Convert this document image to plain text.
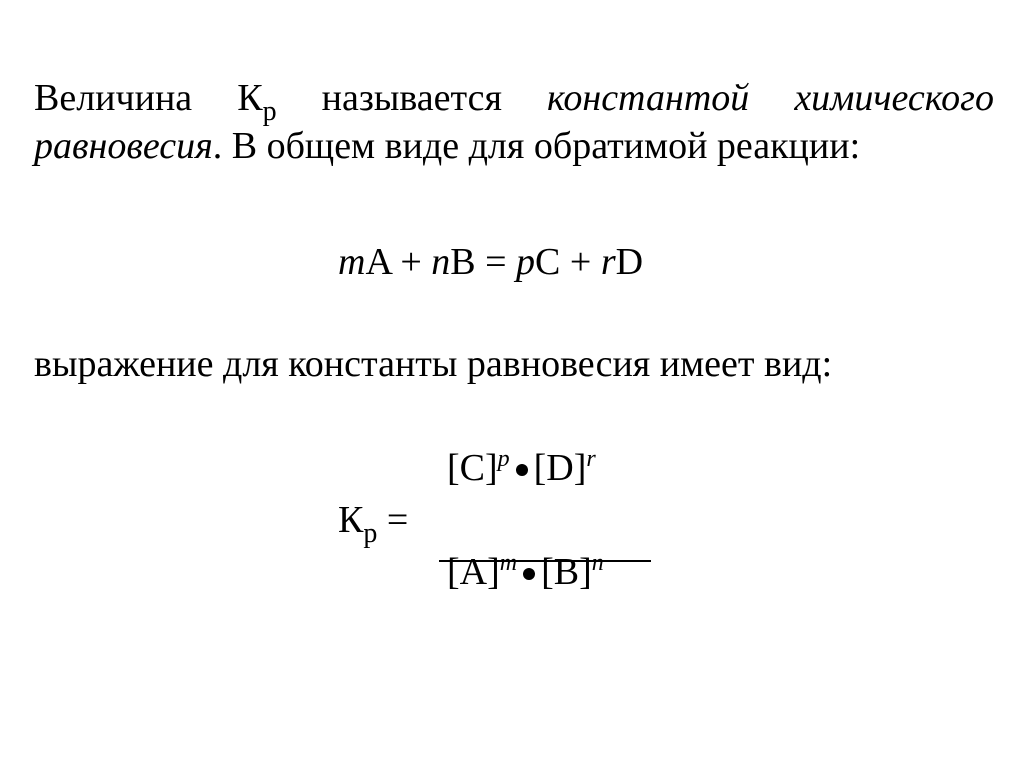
Величина $К_р$ называется константой химического
равновесия. В общем виде для обратимой реакции:
mA + nB = pC + rD
выражение для константы равновесия имеет вид:
$[C]^p$ $[D]^r$
$К_р$ =
$[A]^m$ $[B]^n$
